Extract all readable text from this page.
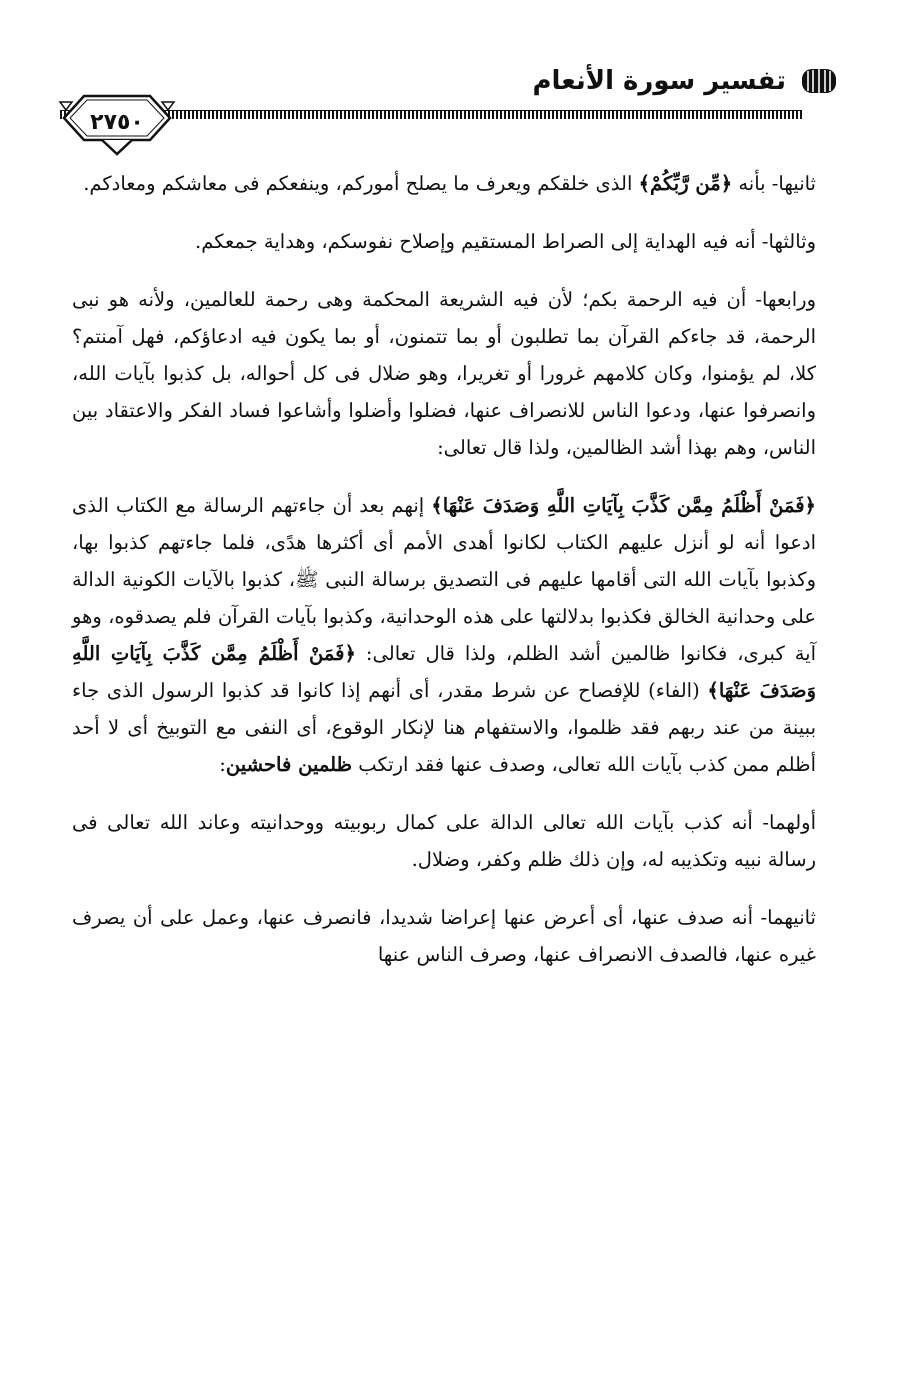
تفسير سورة الأنعام
٢٧٥٠

ثانيها- بأنه ﴿مِّن رَّبِّكُمْ﴾ الذى خلقكم ويعرف ما يصلح أموركم، وينفعكم فى معاشكم ومعادكم.

وثالثها- أنه فيه الهداية إلى الصراط المستقيم وإصلاح نفوسكم، وهداية جمعكم.

ورابعها- أن فيه الرحمة بكم؛ لأن فيه الشريعة المحكمة وهى رحمة للعالمين، ولأنه هو نبى الرحمة، قد جاءكم القرآن بما تطلبون أو بما تتمنون، أو بما يكون فيه ادعاؤكم، فهل آمنتم؟ كلا، لم يؤمنوا، وكان كلامهم غرورا أو تغريرا، وهو ضلال فى كل أحواله، بل كذبوا بآيات الله، وانصرفوا عنها، ودعوا الناس للانصراف عنها، فضلوا وأضلوا وأشاعوا فساد الفكر والاعتقاد بين الناس، وهم بهذا أشد الظالمين، ولذا قال تعالى:

﴿فَمَنْ أَظْلَمُ مِمَّن كَذَّبَ بِآيَاتِ اللَّهِ وَصَدَفَ عَنْهَا﴾ إنهم بعد أن جاءتهم الرسالة مع الكتاب الذى ادعوا أنه لو أنزل عليهم الكتاب لكانوا أهدى الأمم أى أكثرها هدًى، فلما جاءتهم كذبوا بها، وكذبوا بآيات الله التى أقامها عليهم فى التصديق برسالة النبى ﷺ، كذبوا بالآيات الكونية الدالة على وحدانية الخالق فكذبوا بدلالتها على هذه الوحدانية، وكذبوا بآيات القرآن فلم يصدقوه، وهو آية كبرى، فكانوا ظالمين أشد الظلم، ولذا قال تعالى: ﴿فَمَنْ أَظْلَمُ مِمَّن كَذَّبَ بِآيَاتِ اللَّهِ وَصَدَفَ عَنْهَا﴾ (الفاء) للإفصاح عن شرط مقدر، أى أنهم إذا كانوا قد كذبوا الرسول الذى جاء ببينة من عند ربهم فقد ظلموا، والاستفهام هنا لإنكار الوقوع، أى النفى مع التوبيخ أى لا أحد أظلم ممن كذب بآيات الله تعالى، وصدف عنها فقد ارتكب ظلمين فاحشين:

أولهما- أنه كذب بآيات الله تعالى الدالة على كمال ربوبيته ووحدانيته وعاند الله تعالى فى رسالة نبيه وتكذيبه له، وإن ذلك ظلم وكفر، وضلال.

ثانيهما- أنه صدف عنها، أى أعرض عنها إعراضا شديدا، فانصرف عنها، وعمل على أن يصرف غيره عنها، فالصدف الانصراف عنها، وصرف الناس عنها
